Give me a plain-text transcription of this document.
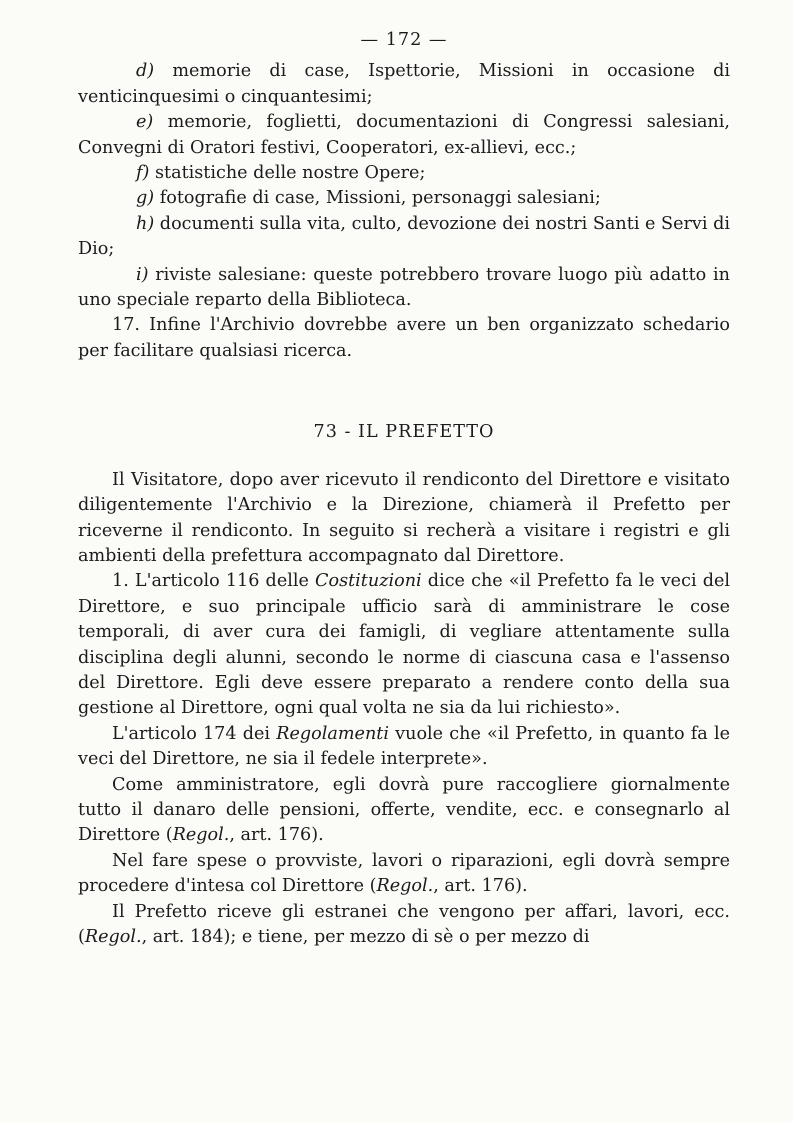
— 172 —

d) memorie di case, Ispettorie, Missioni in occasione di venticinquesimi o cinquantesimi;

e) memorie, foglietti, documentazioni di Congressi salesiani, Convegni di Oratori festivi, Cooperatori, ex-allievi, ecc.;

f) statistiche delle nostre Opere;

g) fotografie di case, Missioni, personaggi salesiani;

h) documenti sulla vita, culto, devozione dei nostri Santi e Servi di Dio;

i) riviste salesiane: queste potrebbero trovare luogo più adatto in uno speciale reparto della Biblioteca.

17. Infine l'Archivio dovrebbe avere un ben organizzato schedario per facilitare qualsiasi ricerca.

73 - IL PREFETTO

Il Visitatore, dopo aver ricevuto il rendiconto del Direttore e visitato diligentemente l'Archivio e la Direzione, chiamerà il Prefetto per riceverne il rendiconto. In seguito si recherà a visitare i registri e gli ambienti della prefettura accompagnato dal Direttore.

1. L'articolo 116 delle Costituzioni dice che «il Prefetto fa le veci del Direttore, e suo principale ufficio sarà di amministrare le cose temporali, di aver cura dei famigli, di vegliare attentamente sulla disciplina degli alunni, secondo le norme di ciascuna casa e l'assenso del Direttore. Egli deve essere preparato a rendere conto della sua gestione al Direttore, ogni qual volta ne sia da lui richiesto».

L'articolo 174 dei Regolamenti vuole che «il Prefetto, in quanto fa le veci del Direttore, ne sia il fedele interprete».

Come amministratore, egli dovrà pure raccogliere giornalmente tutto il danaro delle pensioni, offerte, vendite, ecc. e consegnarlo al Direttore (Regol., art. 176).

Nel fare spese o provviste, lavori o riparazioni, egli dovrà sempre procedere d'intesa col Direttore (Regol., art. 176).

Il Prefetto riceve gli estranei che vengono per affari, lavori, ecc. (Regol., art. 184); e tiene, per mezzo di sè o per mezzo di
